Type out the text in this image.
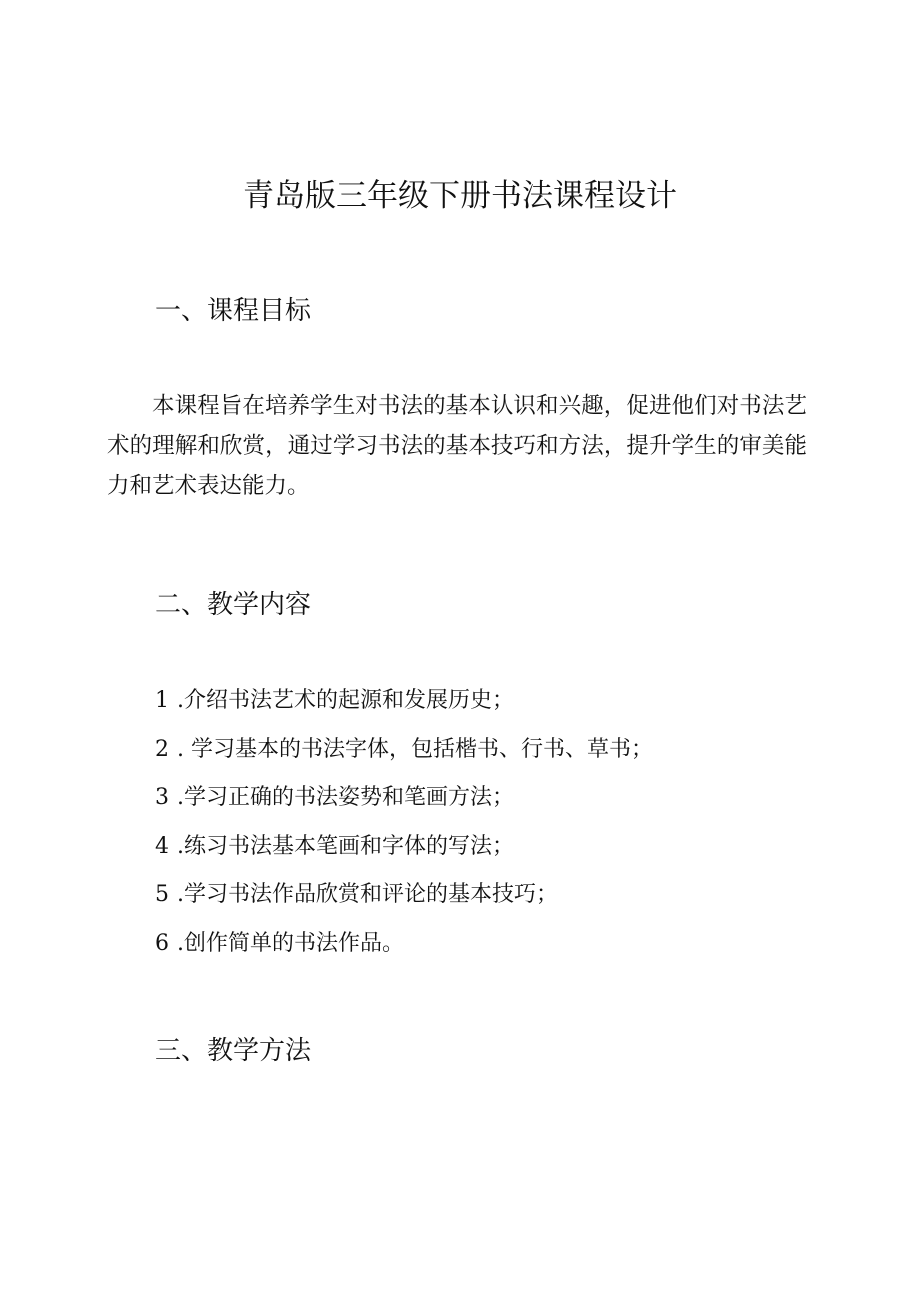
青岛版三年级下册书法课程设计
一、课程目标

本课程旨在培养学生对书法的基本认识和兴趣，促进他们对书法艺术的理解和欣赏，通过学习书法的基本技巧和方法，提升学生的审美能力和艺术表达能力。

二、教学内容
1 .介绍书法艺术的起源和发展历史；
2 . 学习基本的书法字体，包括楷书、行书、草书；
3 .学习正确的书法姿势和笔画方法；
4 .练习书法基本笔画和字体的写法；
5 .学习书法作品欣赏和评论的基本技巧；
6 .创作简单的书法作品。
三、教学方法
